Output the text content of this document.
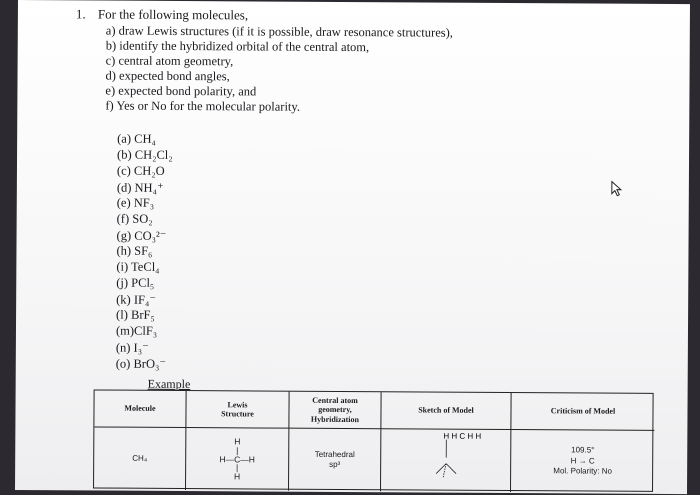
1. For the following molecules,
a) draw Lewis structures (if it is possible, draw resonance structures),
b) identify the hybridized orbital of the central atom,
c) central atom geometry,
d) expected bond angles,
e) expected bond polarity, and
f) Yes or No for the molecular polarity.
(a) CH₄
(b) CH₂Cl₂
(c) CH₂O
(d) NH₄⁺
(e) NF₃
(f) SO₂
(g) CO₃²⁻
(h) SF₆
(i) TeCl₄
(j) PCl₅
(k) IF₄⁻
(l) BrF₅
(m)ClF₃
(n) I₃⁻
(o) BrO₃⁻
Example
Molecule	Lewis
Structure
Central atom
geometry,
Hybridization
Sketch of Model	Criticism of Model
CH₄
H
|
H—C—H
|
H
Tetrahedral
sp³
H H C H H
109.5°
H → C
Mol. Polarity: No
